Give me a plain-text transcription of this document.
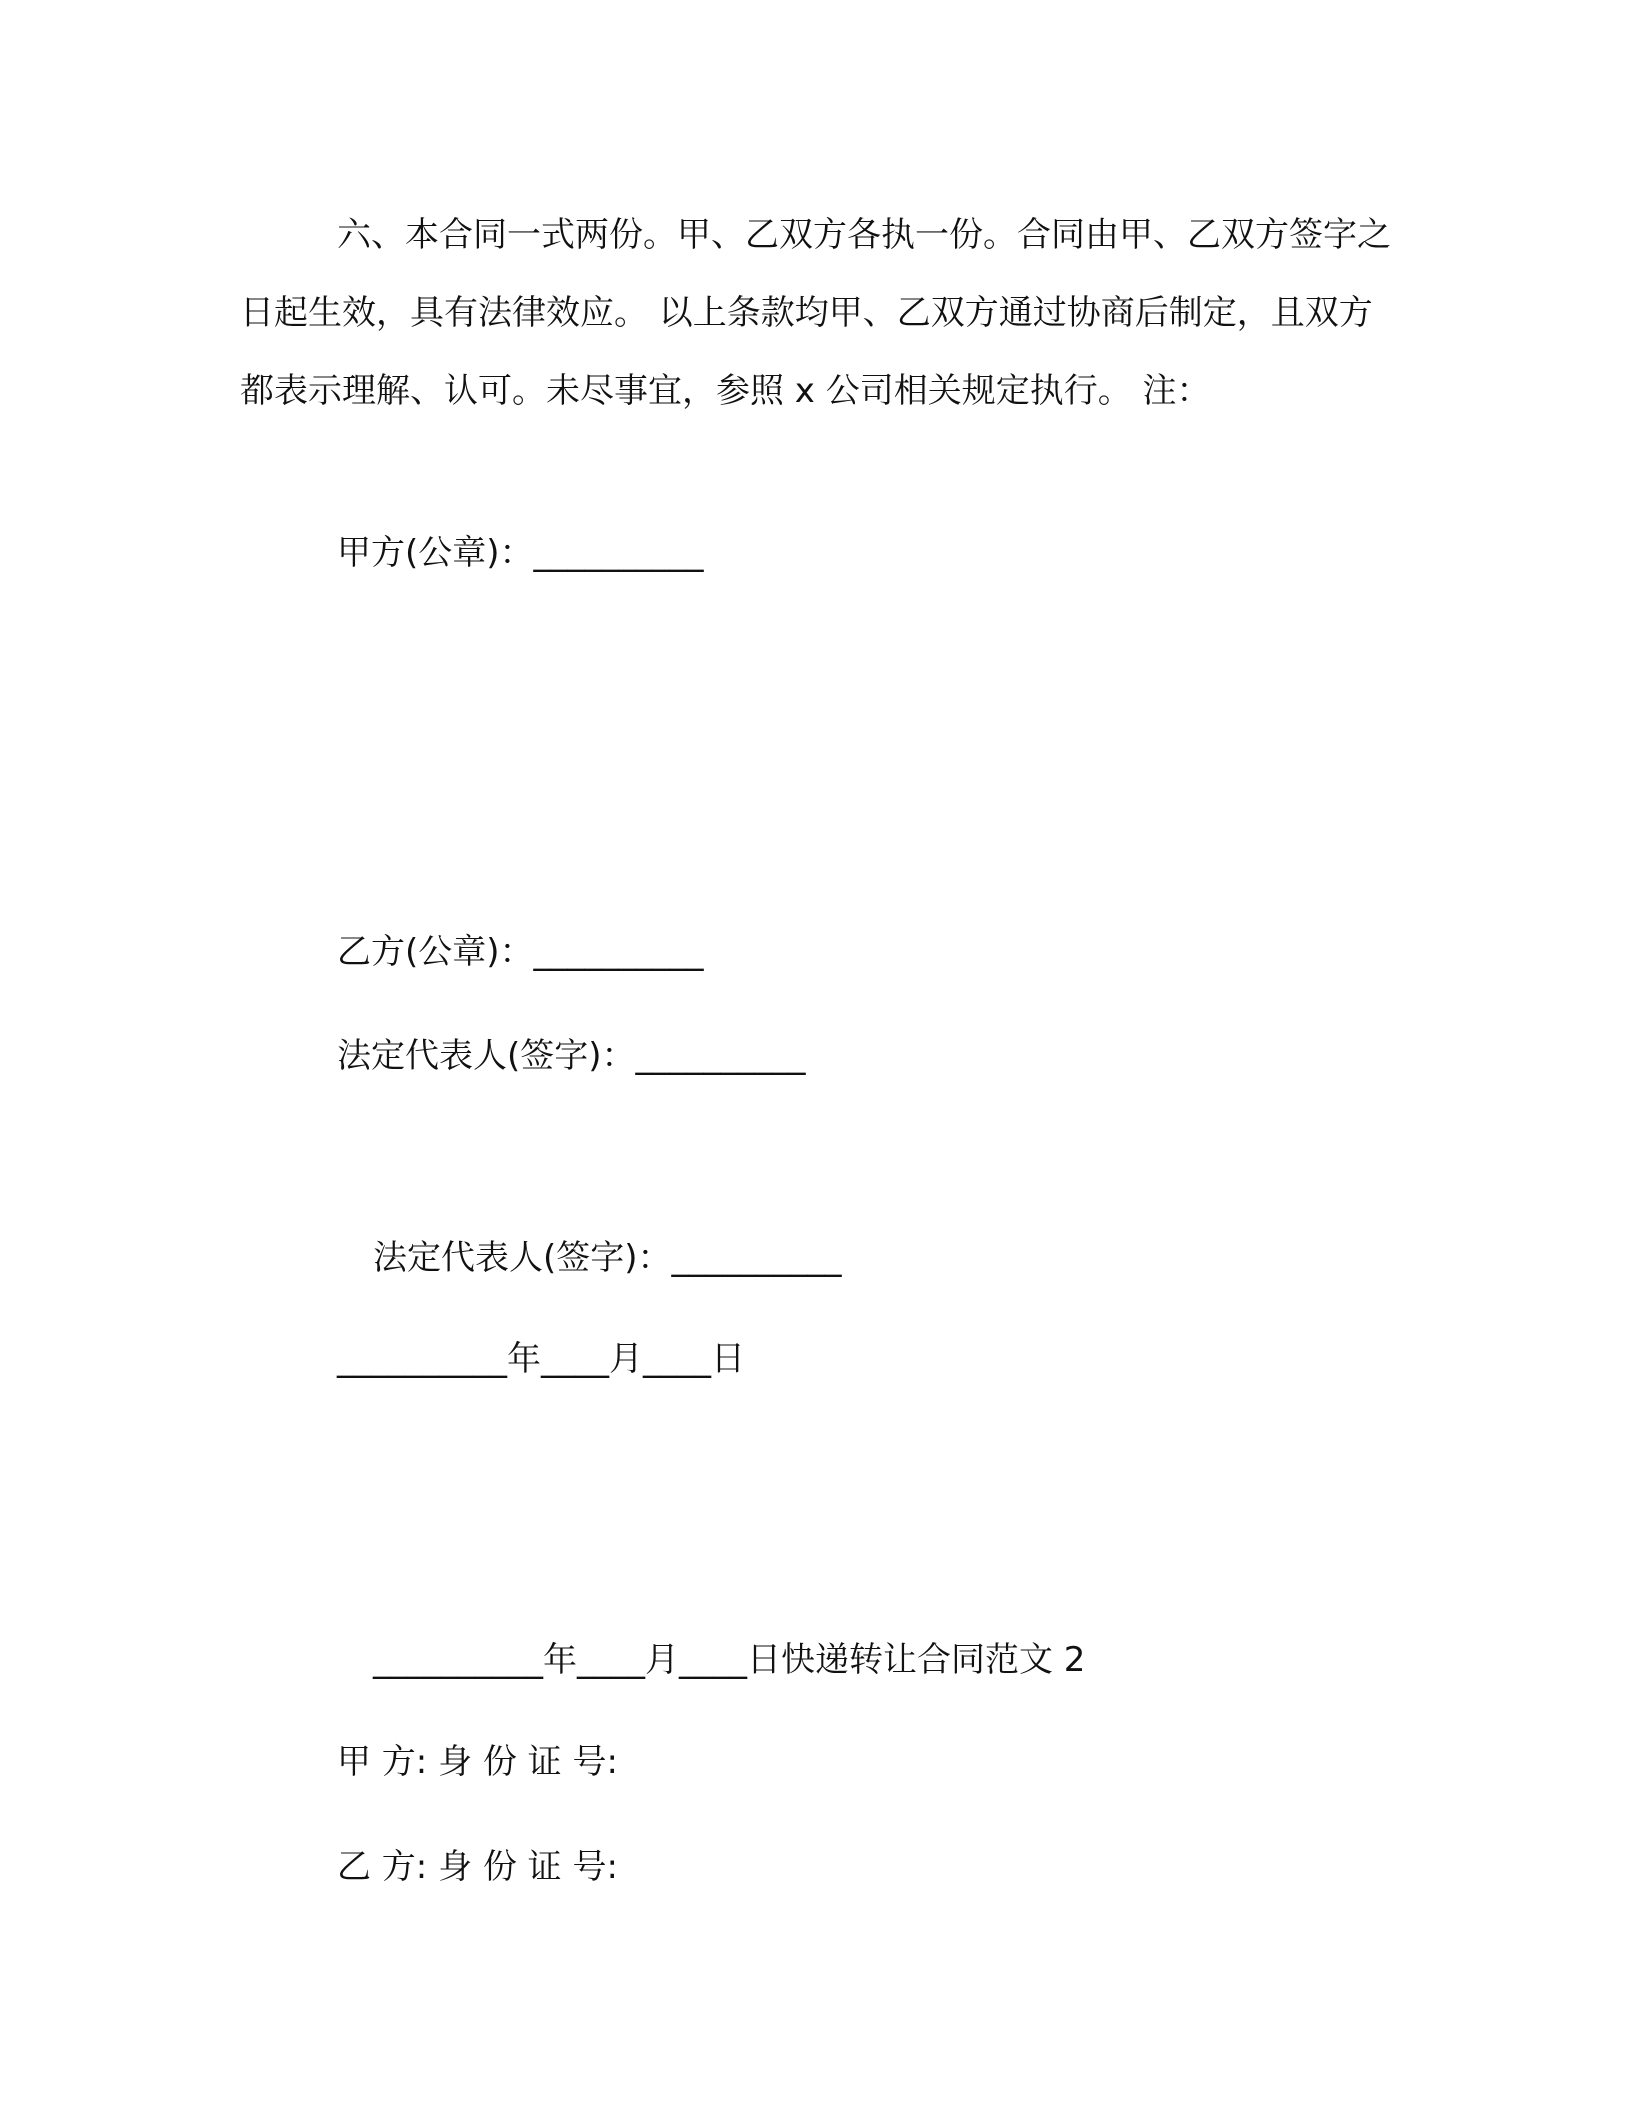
六、本合同一式两份。甲、乙双方各执一份。合同由甲、乙双方签字之日起生效，具有法律效应。 以上条款均甲、乙双方通过协商后制定，且双方都表示理解、认可。未尽事宜，参照 x 公司相关规定执行。 注：
甲方(公章)：__________
乙方(公章)：__________
法定代表人(签字)：__________
法定代表人(签字)：__________
__________年____月____日
__________年____月____日快递转让合同范文 2
甲 方: 身 份 证 号:
乙 方: 身 份 证 号:
